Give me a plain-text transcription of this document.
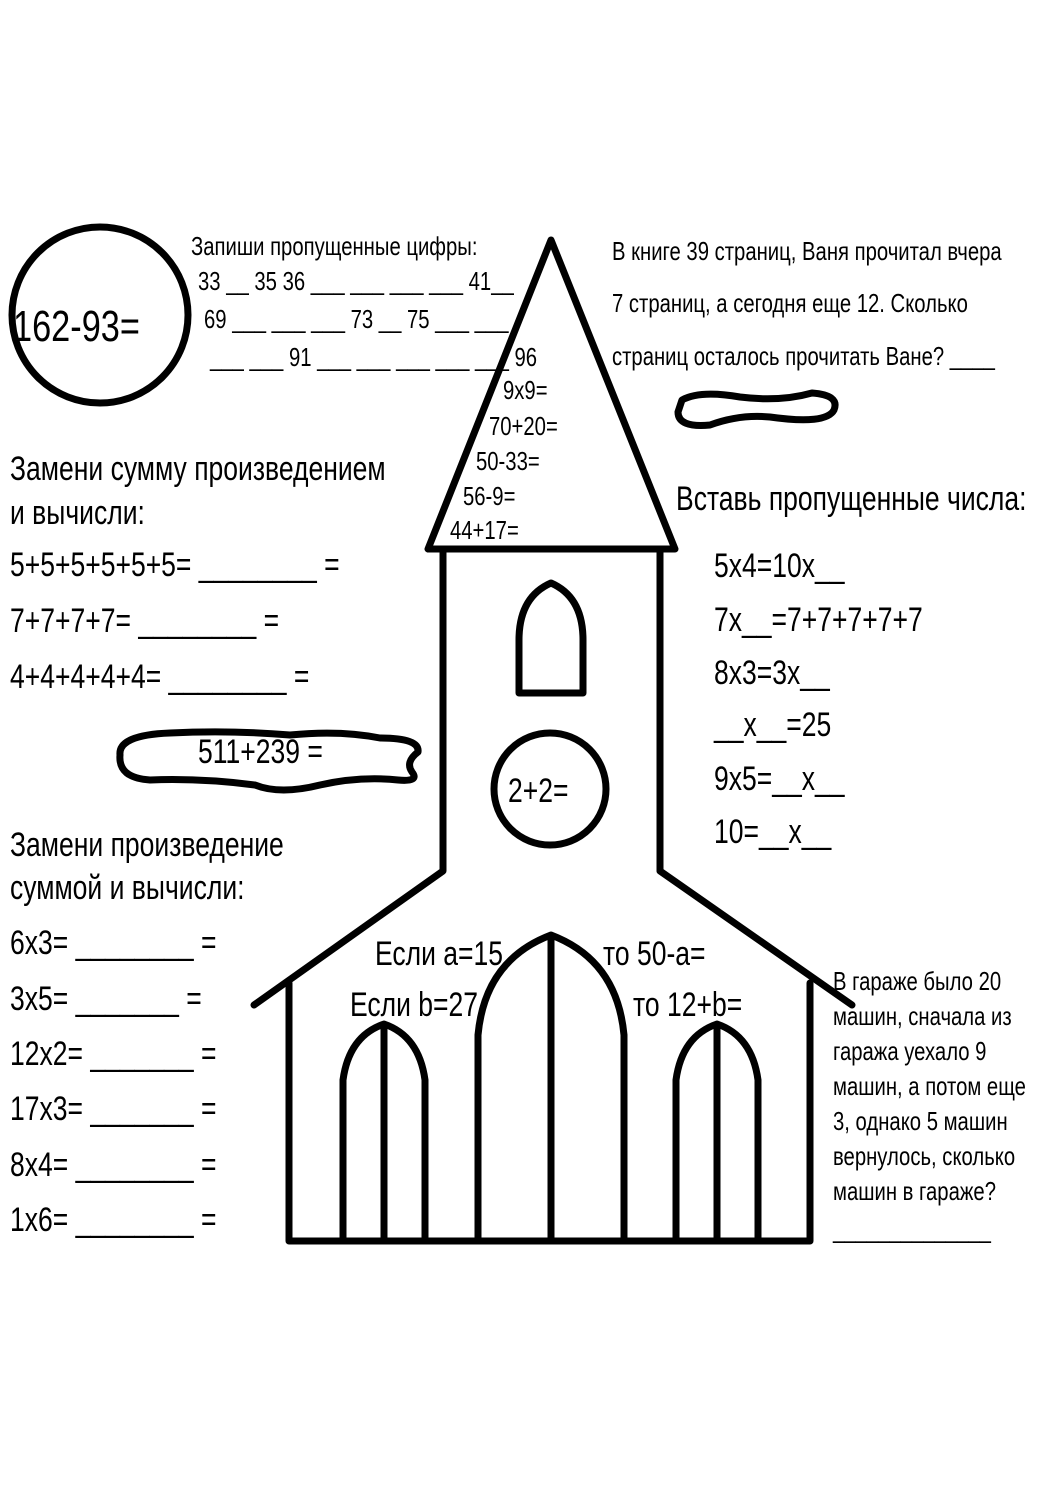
162-93=
Запиши пропущенные цифры:
33 __ 35 36 ___ ___ ___ ___ 41__
69 ___ ___ ___ 73 __ 75 ___ ___
___ ___ 91 ___ ___ ___ ___ ___ 96
В книге 39 страниц, Ваня прочитал вчера
7 страниц, а сегодня еще 12. Сколько
страниц осталось прочитать Ване? ____
9x9=
70+20=
50-33=
56-9=
44+17=
Замени сумму произведением
и вычисли:
5+5+5+5+5+5= ________ =
7+7+7+7= ________ =
4+4+4+4+4= ________ =
Вставь пропущенные числа:
5x4=10x__
7x__=7+7+7+7+7
8x3=3x__
__x__=25
9x5=__x__
10=__x__
511+239 =
2+2=
Замени произведение
суммой и вычисли:
6x3= ________ =
3x5= _______ =
12x2= _______ =
17x3= _______ =
8x4= ________ =
1x6= ________ =
Если а=15,	то 50-а=
Если b=27	то 12+b=
В гараже было 20
машин, сначала из
гаража уехало 9
машин, а потом еще
3, однако 5 машин
вернулось, сколько
машин в гараже?
______________
